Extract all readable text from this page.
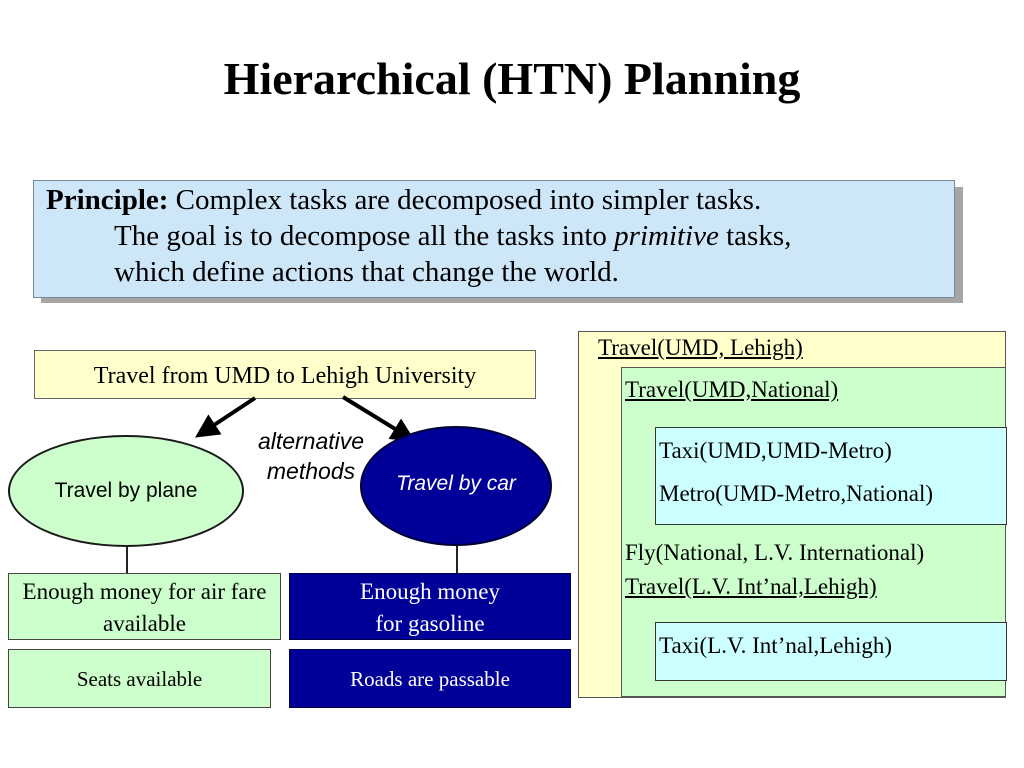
Hierarchical (HTN) Planning
Principle: Complex tasks are decomposed into simpler tasks.
The goal is to decompose all the tasks into primitive tasks,
which define actions that change the world.
Travel from UMD to Lehigh University
alternative methods
Travel by plane	Travel by car
Enough money for air fare available
Seats available
Enough money for gasoline
Roads are passable
Travel(UMD, Lehigh)
Travel(UMD,National)
Taxi(UMD,UMD-Metro)
Metro(UMD-Metro,National)
Fly(National, L.V. International)
Travel(L.V. Int’nal,Lehigh)
Taxi(L.V. Int’nal,Lehigh)
